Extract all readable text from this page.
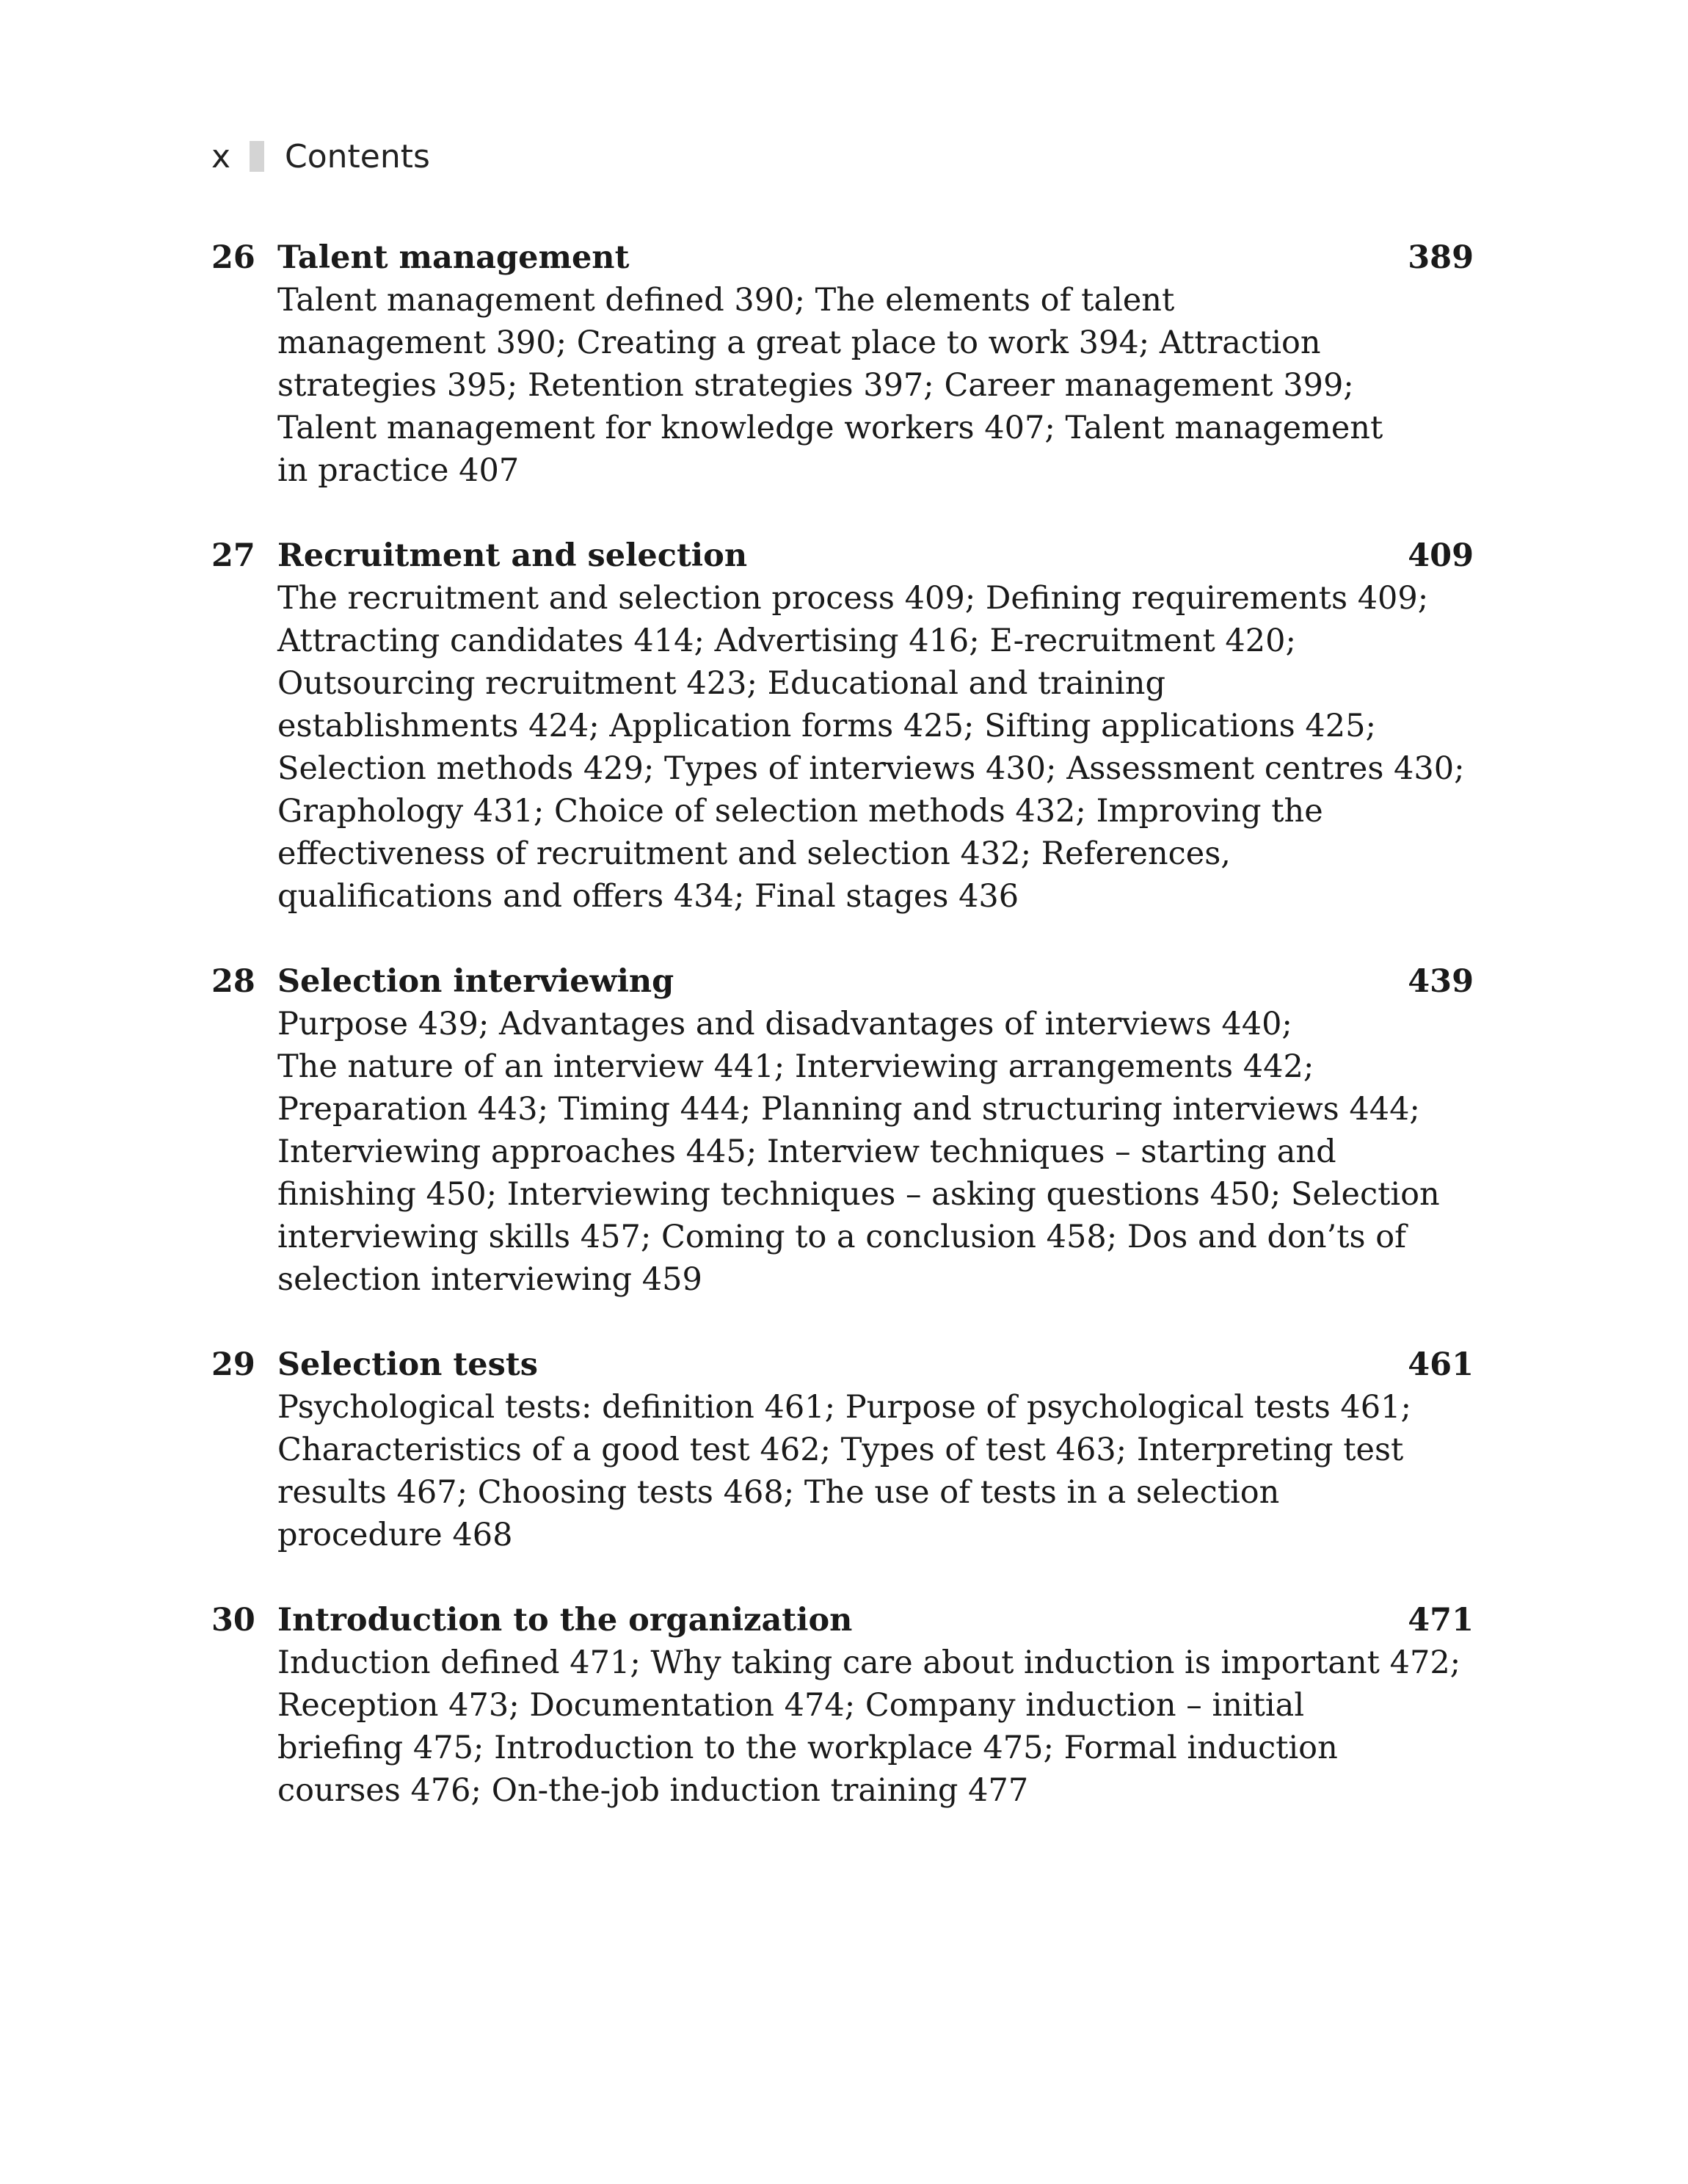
x	Contents
26 Talent management	389
Talent management defined 390; The elements of talent
management 390; Creating a great place to work 394; Attraction
strategies 395; Retention strategies 397; Career management 399;
Talent management for knowledge workers 407; Talent management
in practice 407
27 Recruitment and selection	409
The recruitment and selection process 409; Defining requirements 409;
Attracting candidates 414; Advertising 416; E-recruitment 420;
Outsourcing recruitment 423; Educational and training
establishments 424; Application forms 425; Sifting applications 425;
Selection methods 429; Types of interviews 430; Assessment centres 430;
Graphology 431; Choice of selection methods 432; Improving the
effectiveness of recruitment and selection 432; References,
qualifications and offers 434; Final stages 436
28 Selection interviewing	439
Purpose 439; Advantages and disadvantages of interviews 440;
The nature of an interview 441; Interviewing arrangements 442;
Preparation 443; Timing 444; Planning and structuring interviews 444;
Interviewing approaches 445; Interview techniques – starting and
finishing 450; Interviewing techniques – asking questions 450; Selection
interviewing skills 457; Coming to a conclusion 458; Dos and don’ts of
selection interviewing 459
29 Selection tests	461
Psychological tests: definition 461; Purpose of psychological tests 461;
Characteristics of a good test 462; Types of test 463; Interpreting test
results 467; Choosing tests 468; The use of tests in a selection
procedure 468
30 Introduction to the organization	471
Induction defined 471; Why taking care about induction is important 472;
Reception 473; Documentation 474; Company induction – initial
briefing 475; Introduction to the workplace 475; Formal induction
courses 476; On-the-job induction training 477
